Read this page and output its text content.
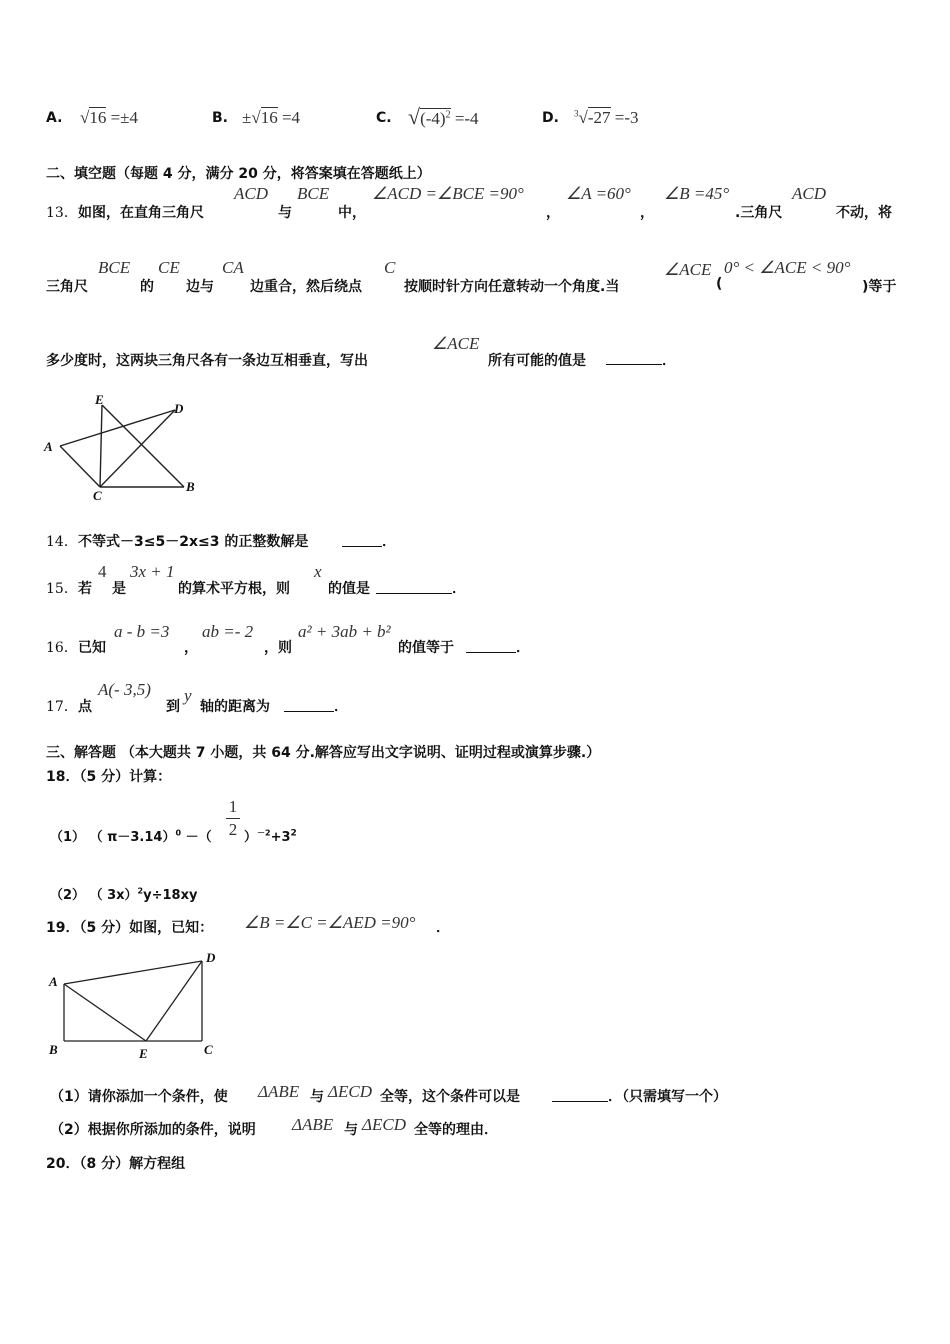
A. √16 =±4	B. ±√16 =4	C. $√(-4)^2 =-4$	D. $^3$√-27 =-3
二、填空题（每题 4 分，满分 20 分，将答案填在答题纸上）
13． 如图，在直角三角尺
ACD
与
BCE
中，
∠ACD =∠BCE =90°
，
∠A =60°
，
∠B =45°
.三角尺
ACD
不动，将
三角尺
BCE
的
CE
边与
CA
边重合，然后绕点
C
按顺时针方向任意转动一个角度.当
∠ACE
(
0° < ∠ACE < 90°
)等于
多少度时，这两块三角尺各有一条边互相垂直，写出
∠ACE
所有可能的值是	．
E
D
A
C
B
14． 不等式－3≤5－2x≤3 的正整数解是	．
15． 若
4
是
3x + 1
的算术平方根，则
x
的值是	．
16． 已知
a - b =3
，
ab =- 2
，则
a² + 3ab + b²
的值等于	．
17． 点
A(- 3,5)
到
y
轴的距离为	．
三、解答题 （本大题共 7 小题，共 64 分.解答应写出文字说明、证明过程或演算步骤.）
18．（5 分）计算：
（1） （ π－3.14）$^0$ －（ $\frac{1}{2} )^{-2}+3^2$
（2） （ 3x）$^2$y÷18xy
19．（5 分）如图，已知： ∠B =∠C =∠AED =90° ．
A
D
B	E	C
（1）请你添加一个条件，使 ΔABE 与 ΔECD 全等，这个条件可以是	．（只需填写一个）
（2）根据你所添加的条件，说明 ΔABE 与 ΔECD 全等的理由．
20．（8 分）解方程组
